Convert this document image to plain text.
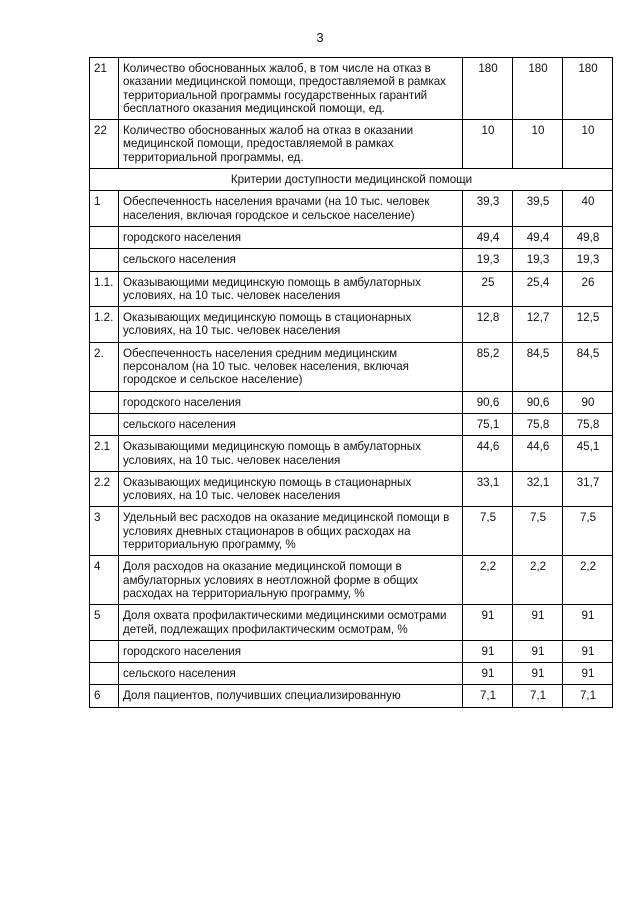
3
21	Количество обоснованных жалоб, в том числе на отказ в оказании медицинской помощи, предоставляемой в рамках территориальной программы государственных гарантий бесплатного оказания медицинской помощи, ед.	180	180	180
22	Количество обоснованных жалоб на отказ в оказании медицинской помощи, предоставляемой в рамках территориальной программы, ед.	10	10	10
Критерии доступности медицинской помощи				
1	Обеспеченность населения врачами (на 10 тыс. человек населения, включая городское и сельское население)	39,3	39,5	40
	городского населения	49,4	49,4	49,8
	сельского населения	19,3	19,3	19,3
1.1.	Оказывающими медицинскую помощь в амбулаторных условиях, на 10 тыс. человек населения	25	25,4	26
1.2.	Оказывающих медицинскую помощь в стационарных условиях, на 10 тыс. человек населения	12,8	12,7	12,5
2.	Обеспеченность населения средним медицинским персоналом (на 10 тыс. человек населения, включая городское и сельское население)	85,2	84,5	84,5
	городского населения	90,6	90,6	90
	сельского населения	75,1	75,8	75,8
2.1	Оказывающими медицинскую помощь в амбулаторных условиях, на 10 тыс. человек населения	44,6	44,6	45,1
2.2	Оказывающих медицинскую помощь в стационарных условиях, на 10 тыс. человек населения	33,1	32,1	31,7
3	Удельный вес расходов на оказание медицинской помощи в условиях дневных стационаров в общих расходах на территориальную программу, %	7,5	7,5	7,5
4	Доля расходов на оказание медицинской помощи в амбулаторных условиях в неотложной форме в общих расходах на территориальную программу, %	2,2	2,2	2,2
5	Доля охвата профилактическими медицинскими осмотрами детей, подлежащих профилактическим осмотрам, %	91	91	91
	городского населения	91	91	91
	сельского населения	91	91	91
6	Доля пациентов, получивших специализированную	7,1	7,1	7,1
